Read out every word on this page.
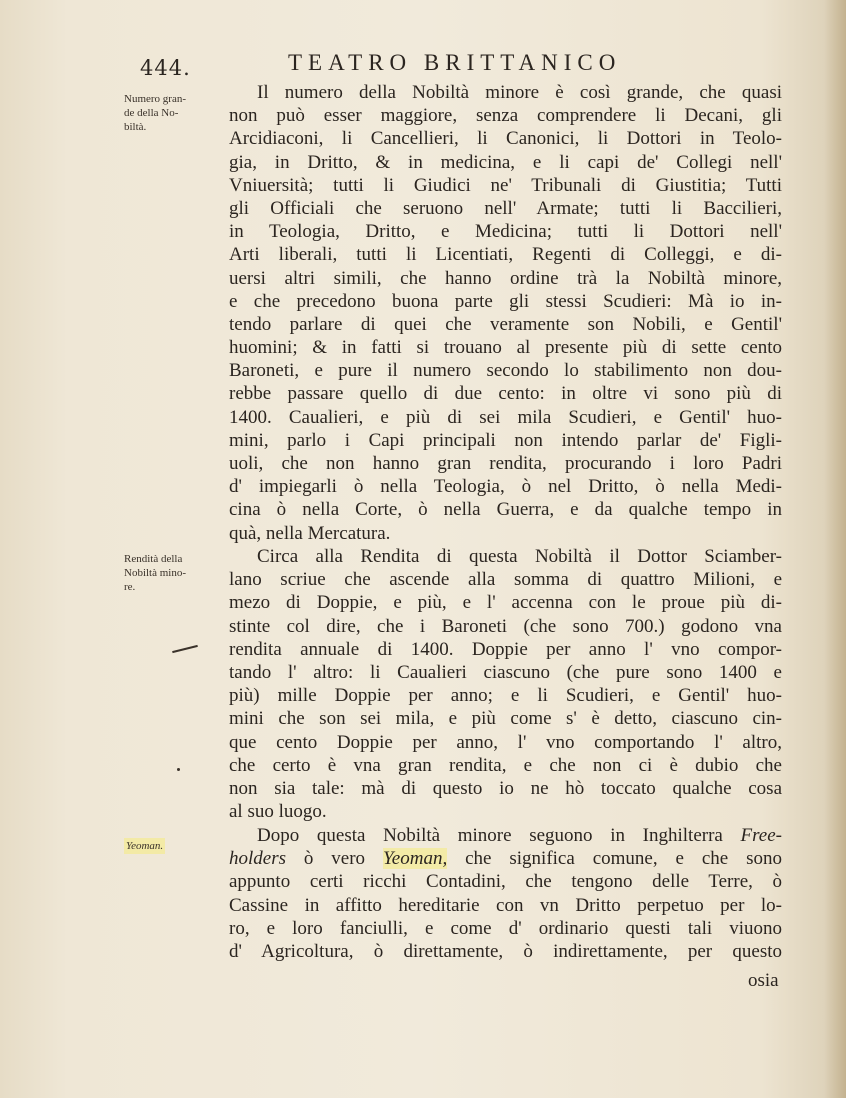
444.	TEATRO BRITTANICO
Numero gran-
de della No-
biltà.
Rendità della
Nobiltà mino-
re.
Yeoman.
Il numero della Nobiltà minore è così grande, che quasi
non può esser maggiore, senza comprendere li Decani, gli
Arcidiaconi, li Cancellieri, li Canonici, li Dottori in Teolo-
gia, in Dritto, & in medicina, e li capi de' Collegi nell'
Vniuersità; tutti li Giudici ne' Tribunali di Giustitia; Tutti
gli Officiali che seruono nell' Armate; tutti li Baccilieri,
in Teologia, Dritto, e Medicina; tutti li Dottori nell'
Arti liberali, tutti li Licentiati, Regenti di Colleggi, e di-
uersi altri simili, che hanno ordine trà la Nobiltà minore,
e che precedono buona parte gli stessi Scudieri: Mà io in-
tendo parlare di quei che veramente son Nobili, e Gentil'
huomini; & in fatti si trouano al presente più di sette cento
Baroneti, e pure il numero secondo lo stabilimento non dou-
rebbe passare quello di due cento: in oltre vi sono più di
1400. Caualieri, e più di sei mila Scudieri, e Gentil' huo-
mini, parlo i Capi principali non intendo parlar de' Figli-
uoli, che non hanno gran rendita, procurando i loro Padri
d' impiegarli ò nella Teologia, ò nel Dritto, ò nella Medi-
cina ò nella Corte, ò nella Guerra, e da qualche tempo in
quà, nella Mercatura.
Circa alla Rendita di questa Nobiltà il Dottor Sciamber-
lano scriue che ascende alla somma di quattro Milioni, e
mezo di Doppie, e più, e l' accenna con le proue più di-
stinte col dire, che i Baroneti (che sono 700.) godono vna
rendita annuale di 1400. Doppie per anno l' vno compor-
tando l' altro: li Caualieri ciascuno (che pure sono 1400 e
più) mille Doppie per anno; e li Scudieri, e Gentil' huo-
mini che son sei mila, e più come s' è detto, ciascuno cin-
que cento Doppie per anno, l' vno comportando l' altro,
che certo è vna gran rendita, e che non ci è dubio che
non sia tale: mà di questo io ne hò toccato qualche cosa
al suo luogo.
Dopo questa Nobiltà minore seguono in Inghilterra Free-
holders ò vero Yeoman, che significa comune, e che sono
appunto certi ricchi Contadini, che tengono delle Terre, ò
Cassine in affitto hereditarie con vn Dritto perpetuo per lo-
ro, e loro fanciulli, e come d' ordinario questi tali viuono
d' Agricoltura, ò direttamente, ò indirettamente, per questo
osia
